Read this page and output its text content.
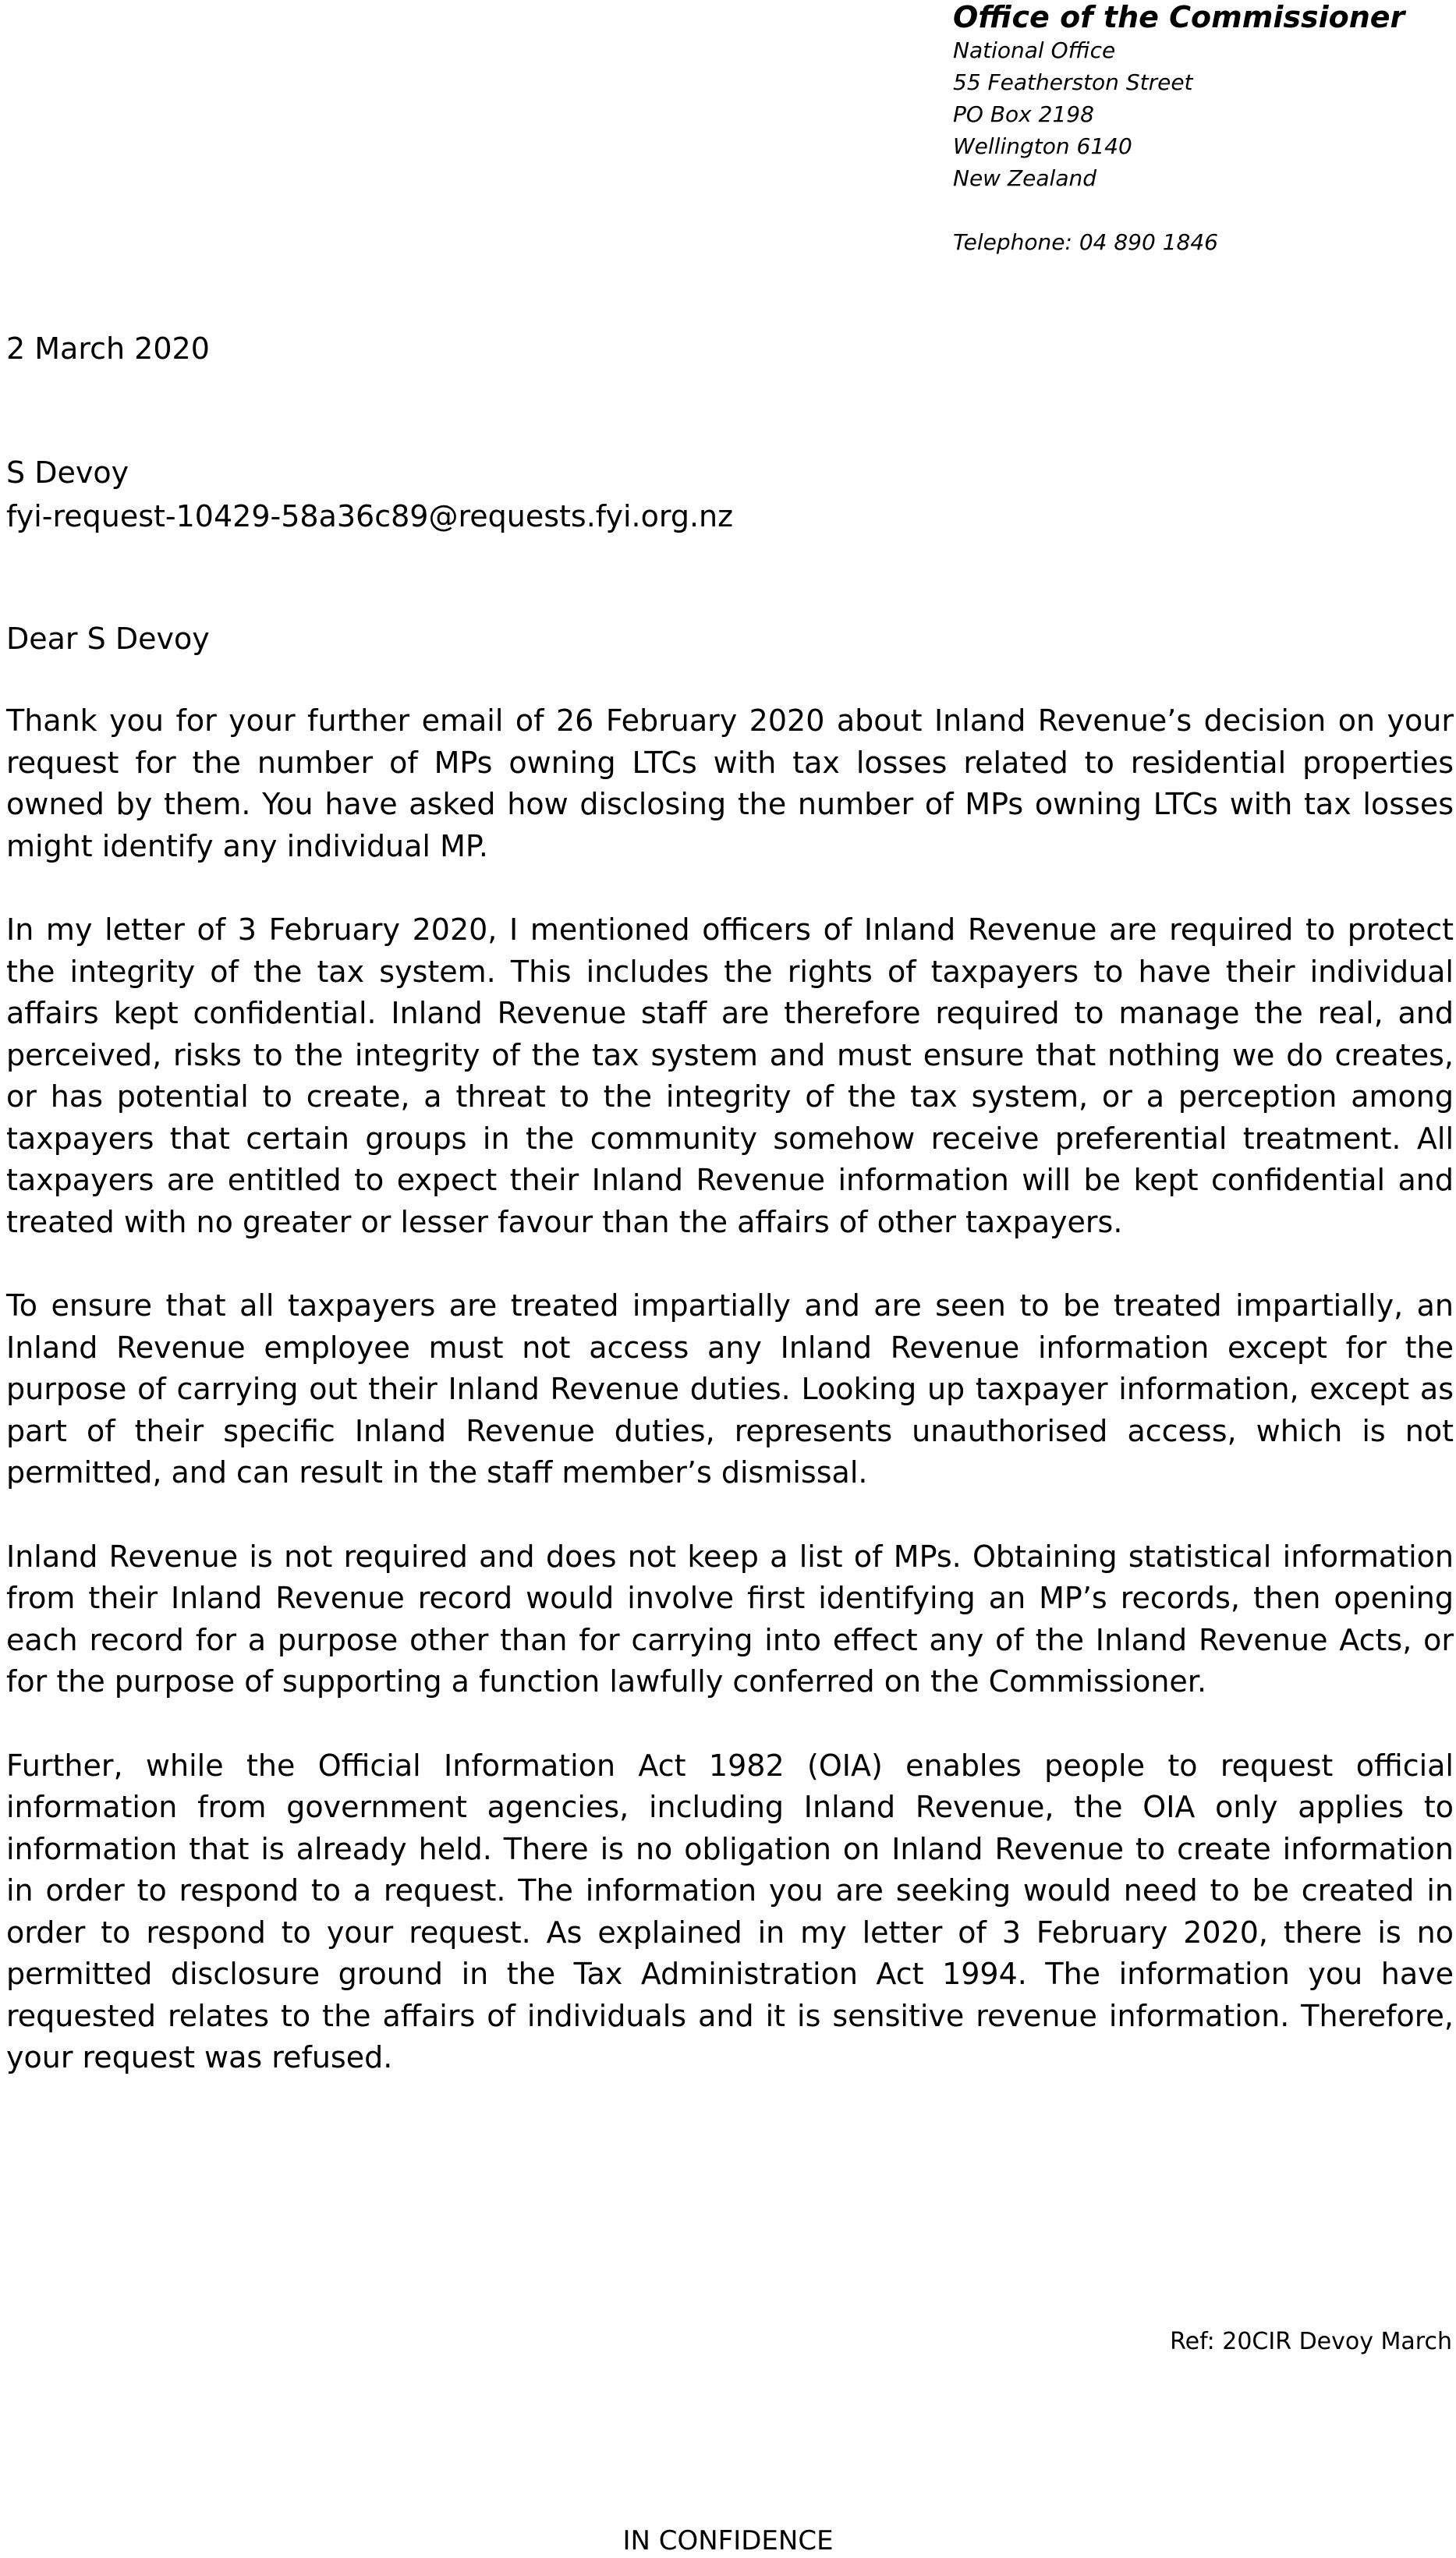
Office of the Commissioner

National Office

55 Featherston Street

PO Box 2198

Wellington 6140

New Zealand

Telephone: 04 890 1846

2 March 2020

S Devoy

fyi-request-10429-58a36c89@requests.fyi.org.nz

Dear S Devoy

Thank you for your further email of 26 February 2020 about Inland Revenue’s decision on your request for the number of MPs owning LTCs with tax losses related to residential properties owned by them. You have asked how disclosing the number of MPs owning LTCs with tax losses might identify any individual MP.

In my letter of 3 February 2020, I mentioned officers of Inland Revenue are required to protect the integrity of the tax system. This includes the rights of taxpayers to have their individual affairs kept confidential. Inland Revenue staff are therefore required to manage the real, and perceived, risks to the integrity of the tax system and must ensure that nothing we do creates, or has potential to create, a threat to the integrity of the tax system, or a perception among taxpayers that certain groups in the community somehow receive preferential treatment. All taxpayers are entitled to expect their Inland Revenue information will be kept confidential and treated with no greater or lesser favour than the affairs of other taxpayers.

To ensure that all taxpayers are treated impartially and are seen to be treated impartially, an Inland Revenue employee must not access any Inland Revenue information except for the purpose of carrying out their Inland Revenue duties. Looking up taxpayer information, except as part of their specific Inland Revenue duties, represents unauthorised access, which is not permitted, and can result in the staff member’s dismissal.

Inland Revenue is not required and does not keep a list of MPs. Obtaining statistical information from their Inland Revenue record would involve first identifying an MP’s records, then opening each record for a purpose other than for carrying into effect any of the Inland Revenue Acts, or for the purpose of supporting a function lawfully conferred on the Commissioner.

Further, while the Official Information Act 1982 (OIA) enables people to request official information from government agencies, including Inland Revenue, the OIA only applies to information that is already held. There is no obligation on Inland Revenue to create information in order to respond to a request. The information you are seeking would need to be created in order to respond to your request. As explained in my letter of 3 February 2020, there is no permitted disclosure ground in the Tax Administration Act 1994. The information you have requested relates to the affairs of individuals and it is sensitive revenue information. Therefore, your request was refused.

Ref: 20CIR Devoy March

IN CONFIDENCE
